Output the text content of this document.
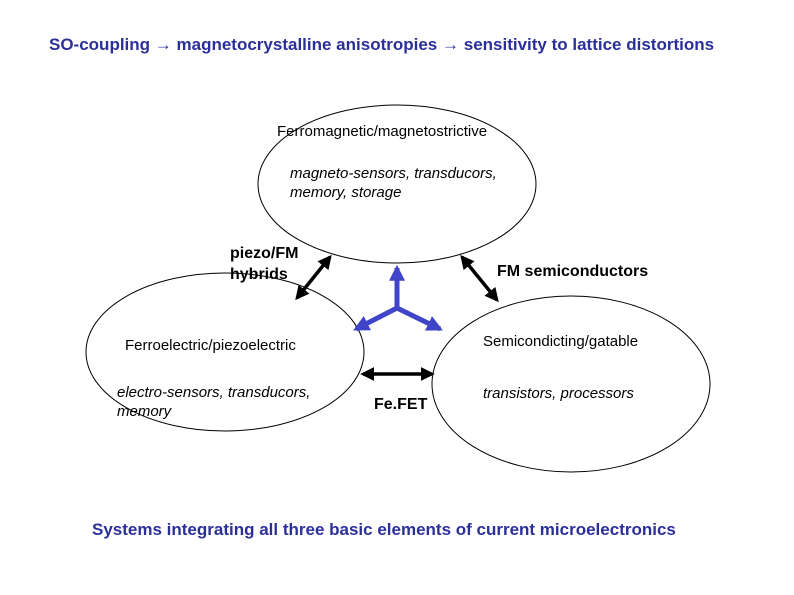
SO-coupling → magnetocrystalline anisotropies → sensitivity to lattice distortions
Ferromagnetic/magnetostrictive
magneto-sensors, transducors,
memory, storage
Ferroelectric/piezoelectric
electro-sensors, transducors,
memory
Semicondicting/gatable
transistors, processors
piezo/FM
hybrids	FM semiconductors
Fe.FET
Systems integrating all three basic elements of current microelectronics
